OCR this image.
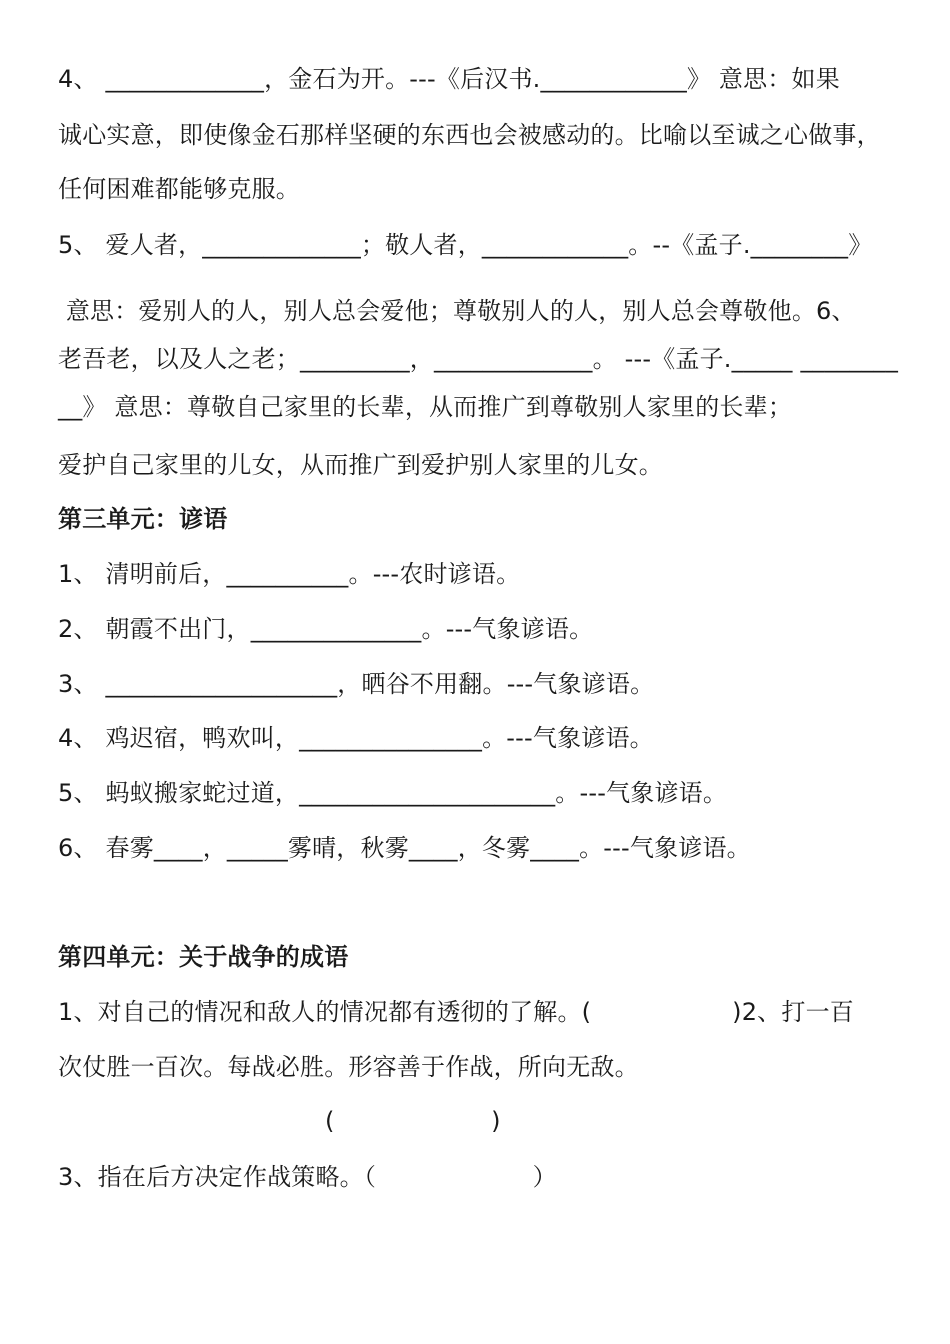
4、 _____________，金石为开。---《后汉书.____________》 意思：如果
诚心实意，即使像金石那样坚硬的东西也会被感动的。比喻以至诚之心做事，
任何困难都能够克服。
5、 爱人者，_____________；敬人者，____________。--《孟子.________》
意思：爱别人的人，别人总会爱他；尊敬别人的人，别人总会尊敬他。6、
老吾老，以及人之老；_________，_____________。 ---《孟子._____ ________
__》 意思：尊敬自己家里的长辈，从而推广到尊敬别人家里的长辈；
爱护自己家里的儿女，从而推广到爱护别人家里的儿女。
第三单元：谚语
1、 清明前后，__________。---农时谚语。
2、 朝霞不出门，______________。---气象谚语。
3、 ___________________，晒谷不用翻。---气象谚语。
4、 鸡迟宿，鸭欢叫，_______________。---气象谚语。
5、 蚂蚁搬家蛇过道，_____________________。---气象谚语。
6、 春雾____，_____雾晴，秋雾____，冬雾____。---气象谚语。
第四单元：关于战争的成语
1、对自己的情况和敌人的情况都有透彻的了解。(                  )2、打一百
次仗胜一百次。每战必胜。形容善于作战，所向无敌。
(                    )
3、指在后方决定作战策略。（                    ）
